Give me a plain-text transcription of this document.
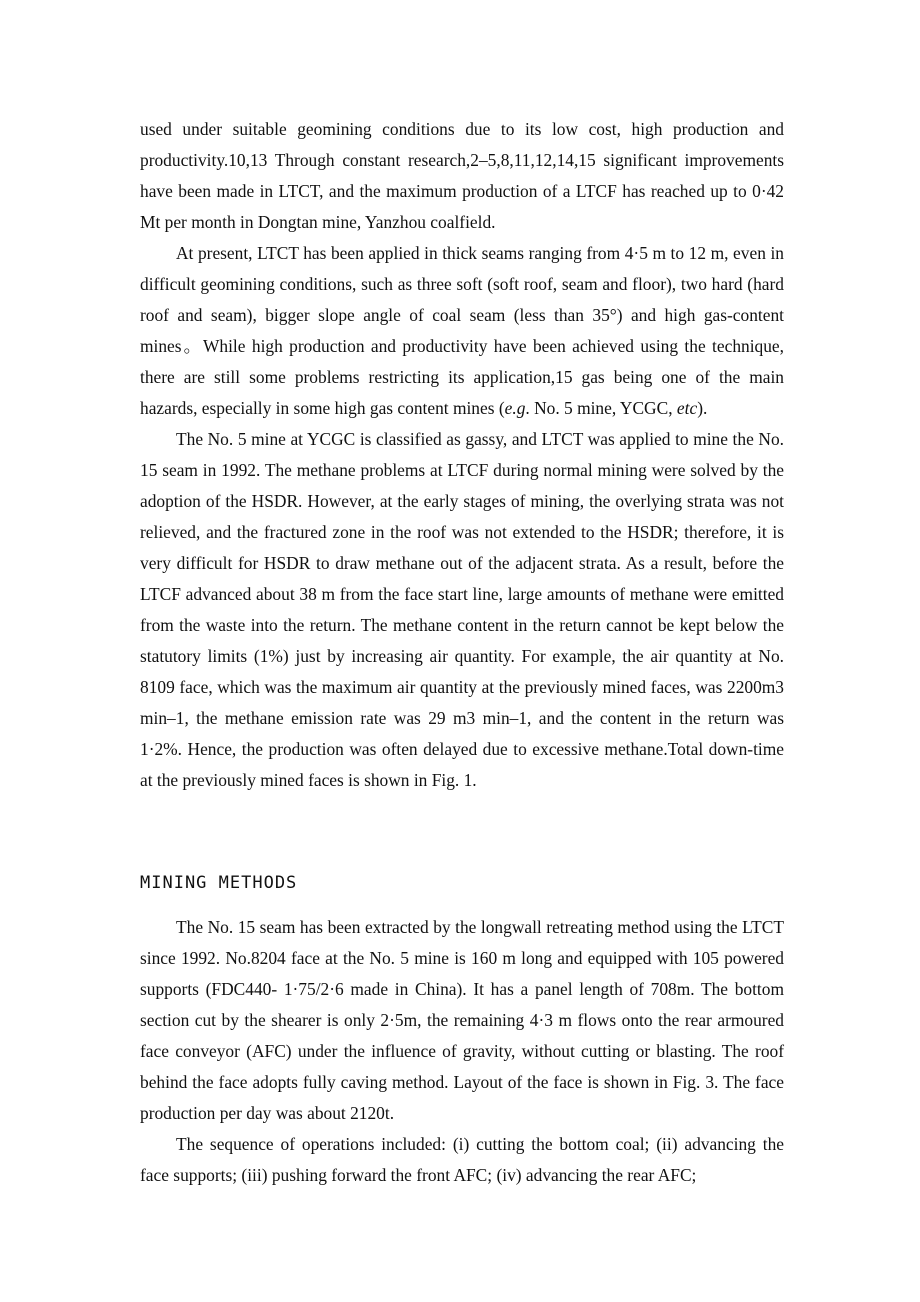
used under suitable geomining conditions due to its low cost, high production and productivity.10,13 Through constant research,2–5,8,11,12,14,15 significant improvements have been made in LTCT, and the maximum production of a LTCF has reached up to 0·42 Mt per month in Dongtan mine, Yanzhou coalfield.

At present, LTCT has been applied in thick seams ranging from 4·5 m to 12 m, even in difficult geomining conditions, such as three soft (soft roof, seam and floor), two hard (hard roof and seam), bigger slope angle of coal seam (less than 35°) and high gas-content mines。While high production and productivity have been achieved using the technique, there are still some problems restricting its application,15 gas being one of the main hazards, especially in some high gas content mines (e.g. No. 5 mine, YCGC, etc).

The No. 5 mine at YCGC is classified as gassy, and LTCT was applied to mine the No. 15 seam in 1992. The methane problems at LTCF during normal mining were solved by the adoption of the HSDR. However, at the early stages of mining, the overlying strata was not relieved, and the fractured zone in the roof was not extended to the HSDR; therefore, it is very difficult for HSDR to draw methane out of the adjacent strata. As a result, before the LTCF advanced about 38 m from the face start line, large amounts of methane were emitted from the waste into the return. The methane content in the return cannot be kept below the statutory limits (1%) just by increasing air quantity. For example, the air quantity at No. 8109 face, which was the maximum air quantity at the previously mined faces, was 2200m3 min–1, the methane emission rate was 29 m3 min–1, and the content in the return was 1·2%. Hence, the production was often delayed due to excessive methane.Total down-time at the previously mined faces is shown in Fig. 1.

MINING METHODS

The No. 15 seam has been extracted by the longwall retreating method using the LTCT since 1992. No.8204 face at the No. 5 mine is 160 m long and equipped with 105 powered supports (FDC440- 1·75/2·6 made in China). It has a panel length of 708m. The bottom section cut by the shearer is only 2·5m, the remaining 4·3 m flows onto the rear armoured face conveyor (AFC) under the influence of gravity, without cutting or blasting. The roof behind the face adopts fully caving method. Layout of the face is shown in Fig. 3. The face production per day was about 2120t.

The sequence of operations included: (i) cutting the bottom coal; (ii) advancing the face supports; (iii) pushing forward the front AFC; (iv) advancing the rear AFC;
